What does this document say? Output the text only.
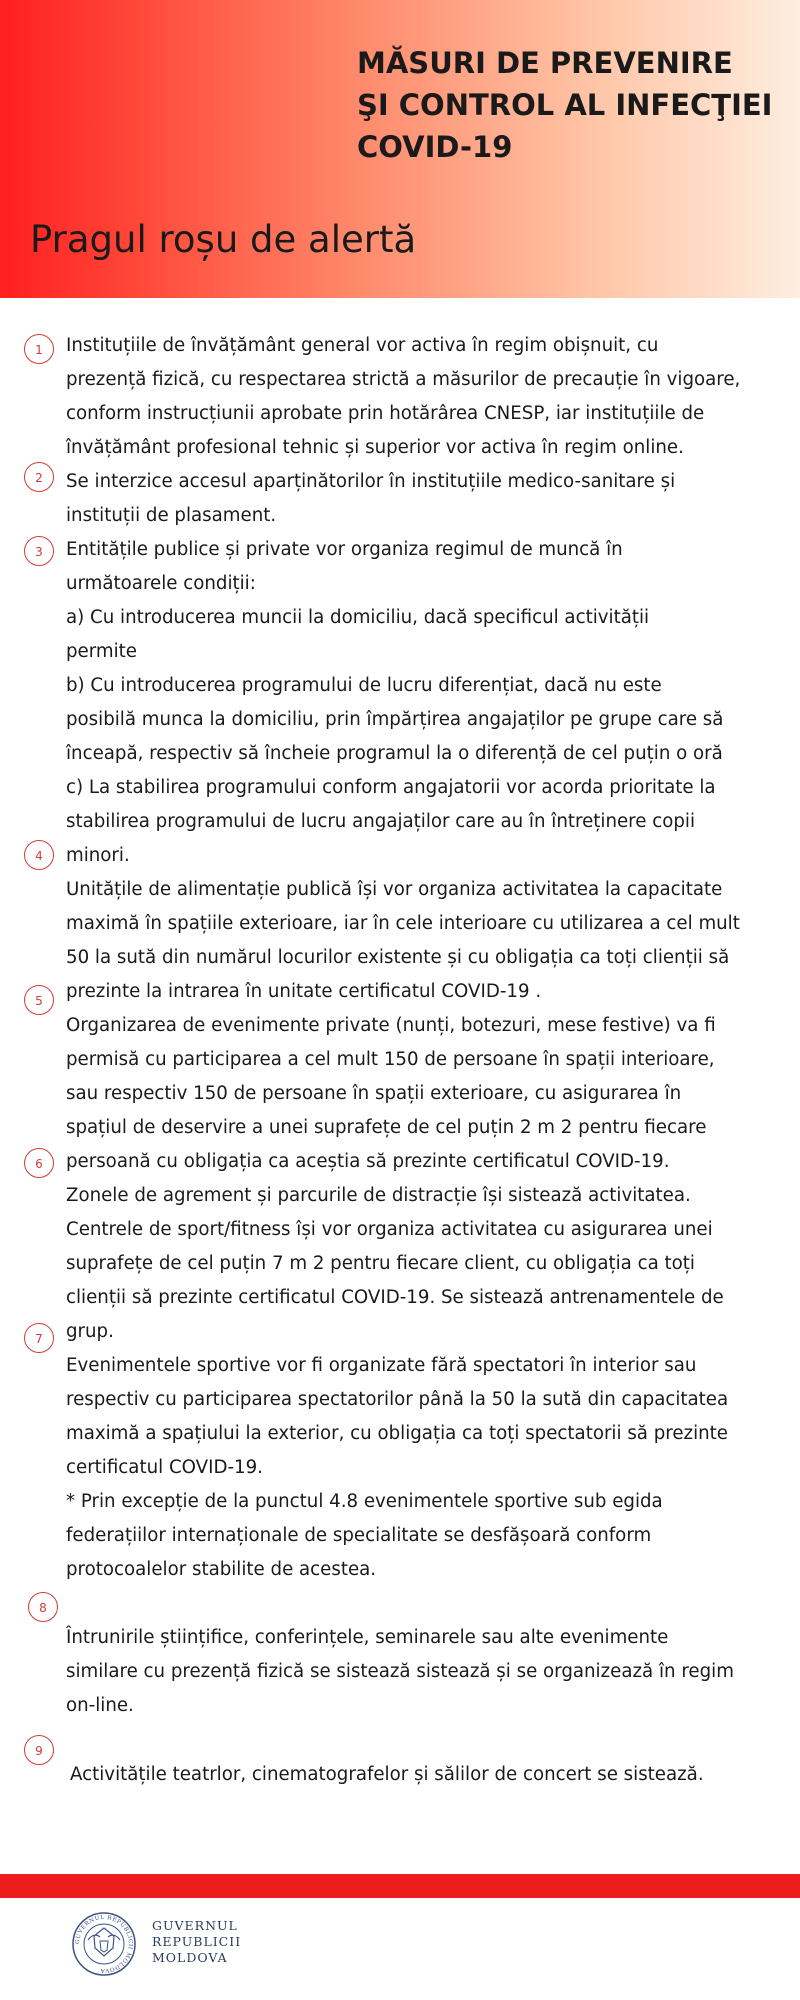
MĂSURI DE PREVENIRE
ŞI CONTROL AL INFECŢIEI
COVID-19
Pragul roșu de alertă
1
2
3
4
5
6
7
8
9
Instituțiile de învățământ general vor activa în regim obișnuit, cu
prezență fizică, cu respectarea strictă a măsurilor de precauție în vigoare,
conform instrucțiunii aprobate prin hotărârea CNESP, iar instituțiile de
învățământ profesional tehnic și superior vor activa în regim online.
Se interzice accesul aparținătorilor în instituțiile medico-sanitare și
instituții de plasament.
Entitățile publice și private vor organiza regimul de muncă în
următoarele condiții:
a) Cu introducerea muncii la domiciliu, dacă specificul activității
permite
b) Cu introducerea programului de lucru diferențiat, dacă nu este
posibilă munca la domiciliu, prin împărțirea angajaților pe grupe care să
înceapă, respectiv să încheie programul la o diferență de cel puțin o oră
c) La stabilirea programului conform angajatorii vor acorda prioritate la
stabilirea programului de lucru angajaților care au în întreținere copii
minori.
Unitățile de alimentație publică își vor organiza activitatea la capacitate
maximă în spațiile exterioare, iar în cele interioare cu utilizarea a cel mult
50 la sută din numărul locurilor existente și cu obligația ca toți clienții să
prezinte la intrarea în unitate certificatul COVID-19 .
Organizarea de evenimente private (nunți, botezuri, mese festive) va fi
permisă cu participarea a cel mult 150 de persoane în spații interioare,
sau respectiv 150 de persoane în spații exterioare, cu asigurarea în
spațiul de deservire a unei suprafețe de cel puțin 2 m 2 pentru fiecare
persoană cu obligația ca aceștia să prezinte certificatul COVID-19.
Zonele de agrement și parcurile de distracție își sistează activitatea.
Centrele de sport/fitness își vor organiza activitatea cu asigurarea unei
suprafețe de cel puțin 7 m 2 pentru fiecare client, cu obligația ca toți
clienții să prezinte certificatul COVID-19. Se sistează antrenamentele de
grup.
Evenimentele sportive vor fi organizate fără spectatori în interior sau
respectiv cu participarea spectatorilor până la 50 la sută din capacitatea
maximă a spațiului la exterior, cu obligația ca toți spectatorii să prezinte
certificatul COVID-19.
* Prin excepție de la punctul 4.8 evenimentele sportive sub egida
federațiilor internaționale de specialitate se desfășoară conform
protocoalelor stabilite de acestea.
Întrunirile științifice, conferințele, seminarele sau alte evenimente
similare cu prezență fizică se sistează sistează și se organizează în regim
on-line.
Activitățile teatrlor, cinematografelor și sălilor de concert se sistează.
GUVERNUL REPUBLICII MOLDOVA
GUVERNUL
REPUBLICII
MOLDOVA
